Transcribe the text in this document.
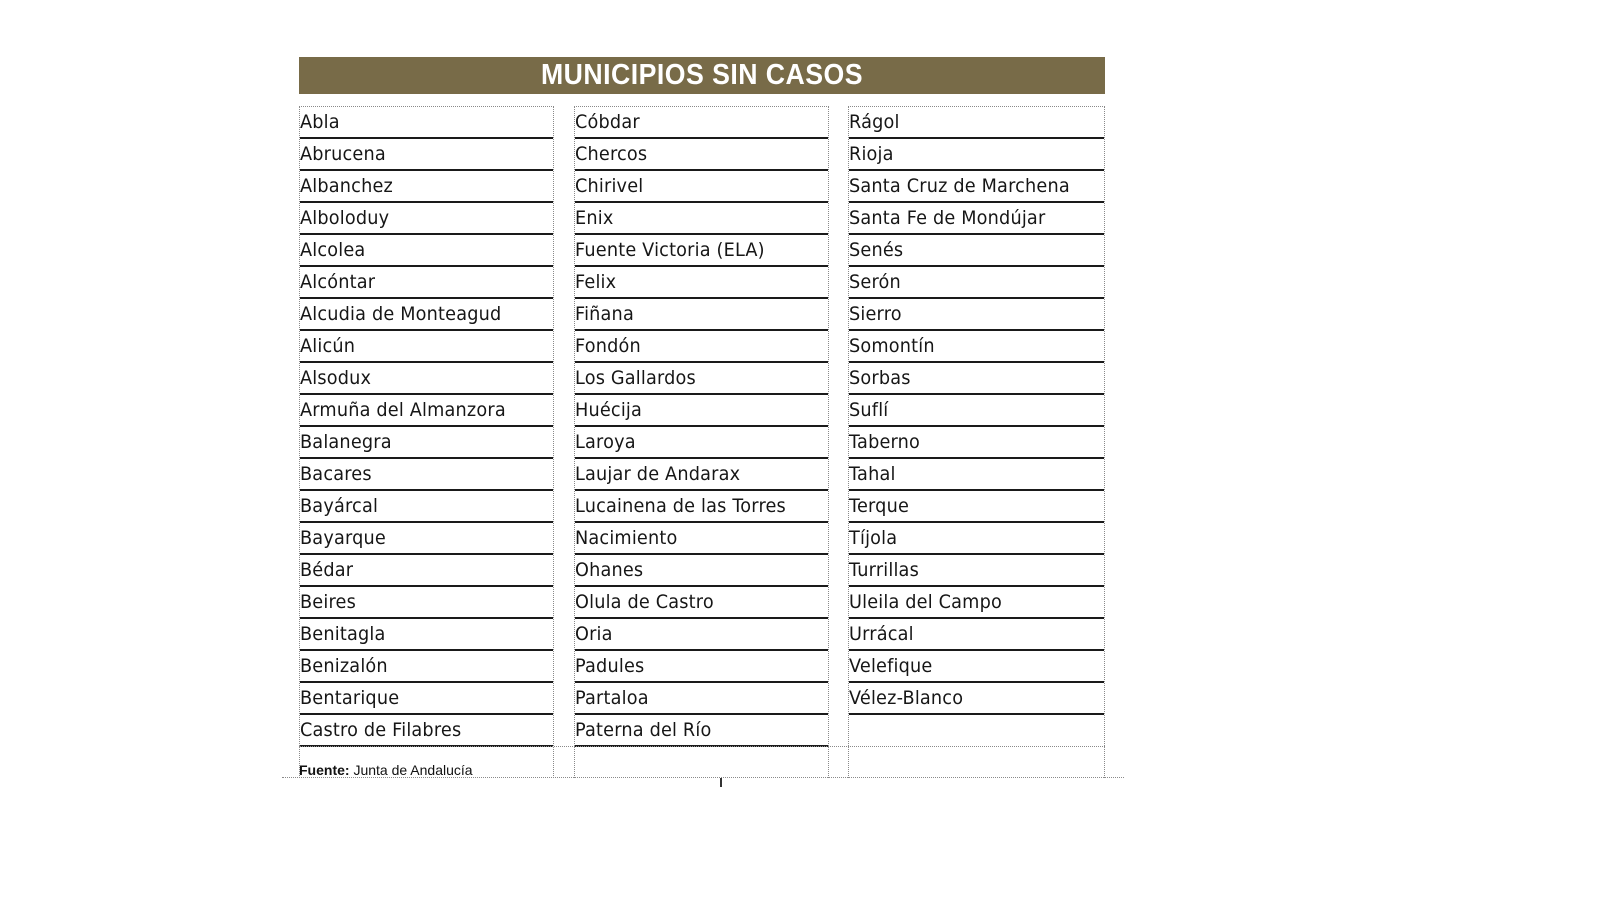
MUNICIPIOS SIN CASOS
Abla
Abrucena
Albanchez
Alboloduy
Alcolea
Alcóntar
Alcudia de Monteagud
Alicún
Alsodux
Armuña del Almanzora
Balanegra
Bacares
Bayárcal
Bayarque
Bédar
Beires
Benitagla
Benizalón
Bentarique
Castro de Filabres
Cóbdar
Chercos
Chirivel
Enix
Fuente Victoria (ELA)
Felix
Fiñana
Fondón
Los Gallardos
Huécija
Laroya
Laujar de Andarax
Lucainena de las Torres
Nacimiento
Ohanes
Olula de Castro
Oria
Padules
Partaloa
Paterna del Río
Rágol
Rioja
Santa Cruz de Marchena
Santa Fe de Mondújar
Senés
Serón
Sierro
Somontín
Sorbas
Suflí
Taberno
Tahal
Terque
Tíjola
Turrillas
Uleila del Campo
Urrácal
Velefique
Vélez-Blanco
Fuente: Junta de Andalucía
